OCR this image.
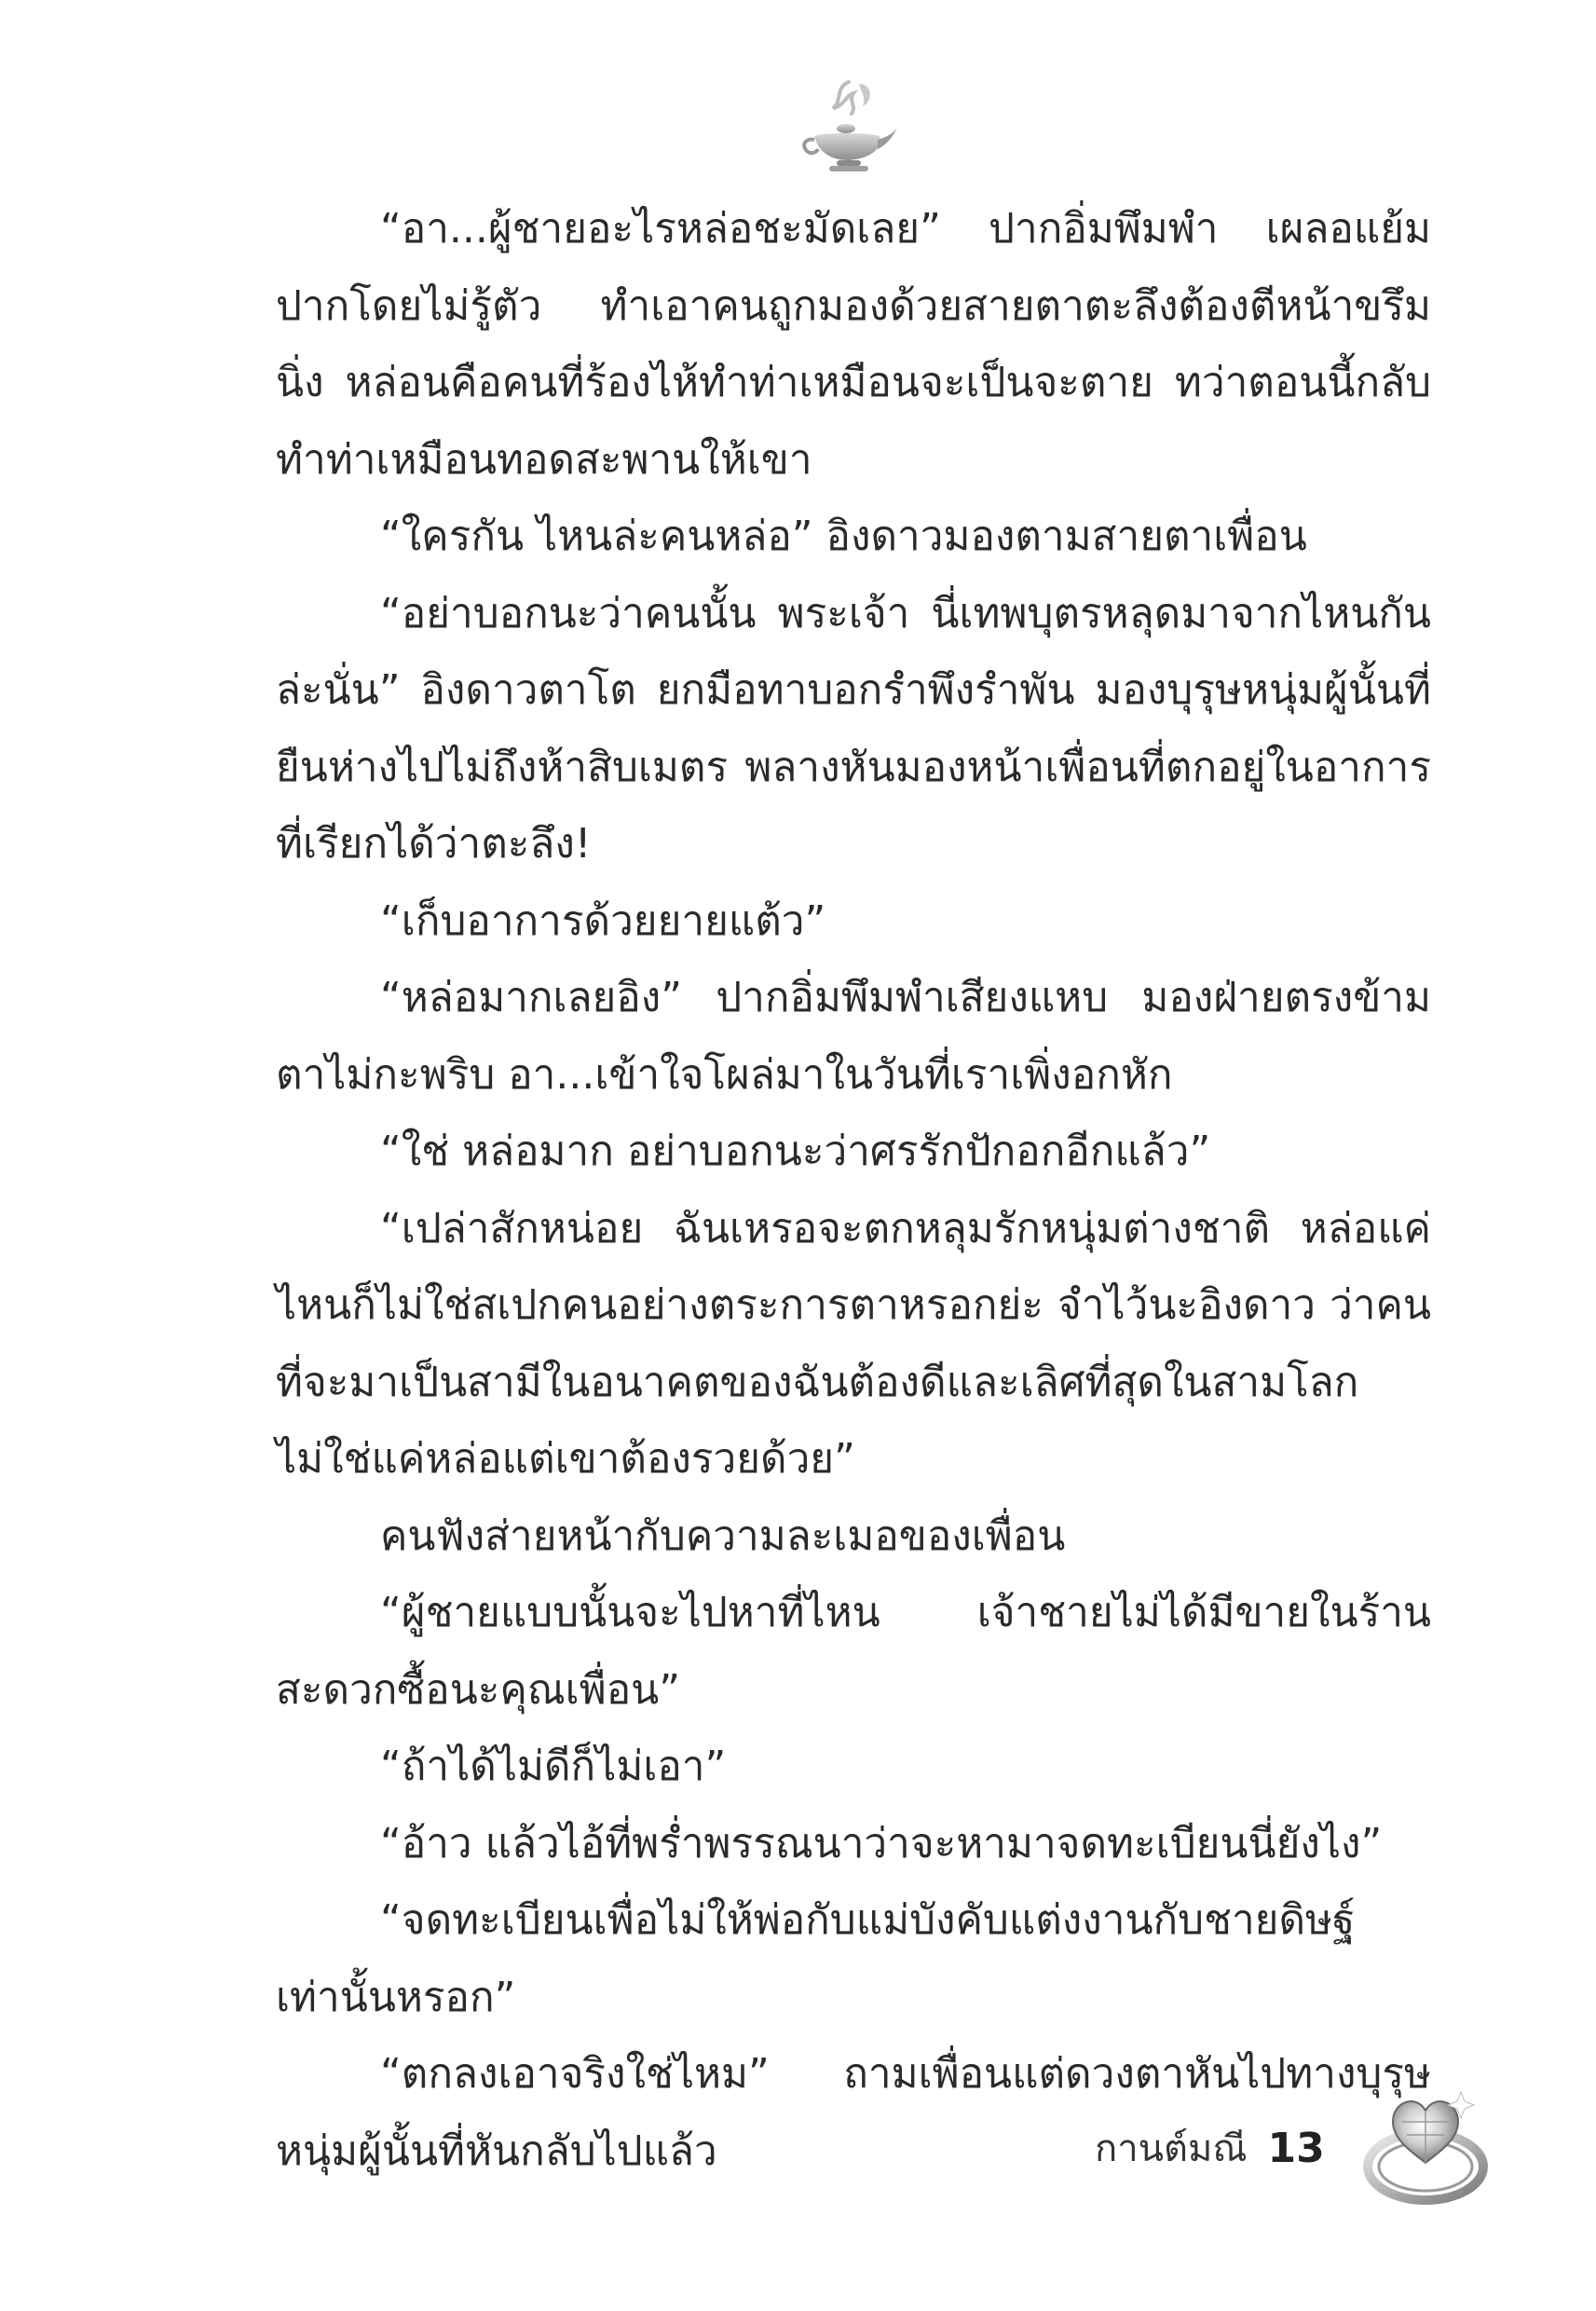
“อา...ผู้ชายอะไรหล่อชะมัดเลย” ปากอิ่มพึมพำ เผลอแย้มปากโดยไม่รู้ตัว ทำเอาคนถูกมองด้วยสายตาตะลึงต้องตีหน้าขรึมนิ่ง หล่อนคือคนที่ร้องไห้ทำท่าเหมือนจะเป็นจะตาย ทว่าตอนนี้กลับทำท่าเหมือนทอดสะพานให้เขา

“ใครกัน ไหนล่ะคนหล่อ” อิงดาวมองตามสายตาเพื่อน

“อย่าบอกนะว่าคนนั้น พระเจ้า นี่เทพบุตรหลุดมาจากไหนกันล่ะนั่น” อิงดาวตาโต ยกมือทาบอกรำพึงรำพัน มองบุรุษหนุ่มผู้นั้นที่ยืนห่างไปไม่ถึงห้าสิบเมตร พลางหันมองหน้าเพื่อนที่ตกอยู่ในอาการที่เรียกได้ว่าตะลึง!

“เก็บอาการด้วยยายแต้ว”

“หล่อมากเลยอิง” ปากอิ่มพึมพำเสียงแหบ มองฝ่ายตรงข้ามตาไม่กะพริบ อา...เข้าใจโผล่มาในวันที่เราเพิ่งอกหัก

“ใช่ หล่อมาก อย่าบอกนะว่าศรรักปักอกอีกแล้ว”

“เปล่าสักหน่อย ฉันเหรอจะตกหลุมรักหนุ่มต่างชาติ หล่อแค่ไหนก็ไม่ใช่สเปกคนอย่างตระการตาหรอกย่ะ จำไว้นะอิงดาว ว่าคนที่จะมาเป็นสามีในอนาคตของฉันต้องดีและเลิศที่สุดในสามโลก ไม่ใช่แค่หล่อแต่เขาต้องรวยด้วย”

คนฟังส่ายหน้ากับความละเมอของเพื่อน

“ผู้ชายแบบนั้นจะไปหาที่ไหน เจ้าชายไม่ได้มีขายในร้านสะดวกซื้อนะคุณเพื่อน”

“ถ้าได้ไม่ดีก็ไม่เอา”

“อ้าว แล้วไอ้ที่พร่ำพรรณนาว่าจะหามาจดทะเบียนนี่ยังไง”

“จดทะเบียนเพื่อไม่ให้พ่อกับแม่บังคับแต่งงานกับชายดิษฐ์เท่านั้นหรอก”

“ตกลงเอาจริงใช่ไหม” ถามเพื่อนแต่ดวงตาหันไปทางบุรุษหนุ่มผู้นั้นที่หันกลับไปแล้ว	กานต์มณี 13
